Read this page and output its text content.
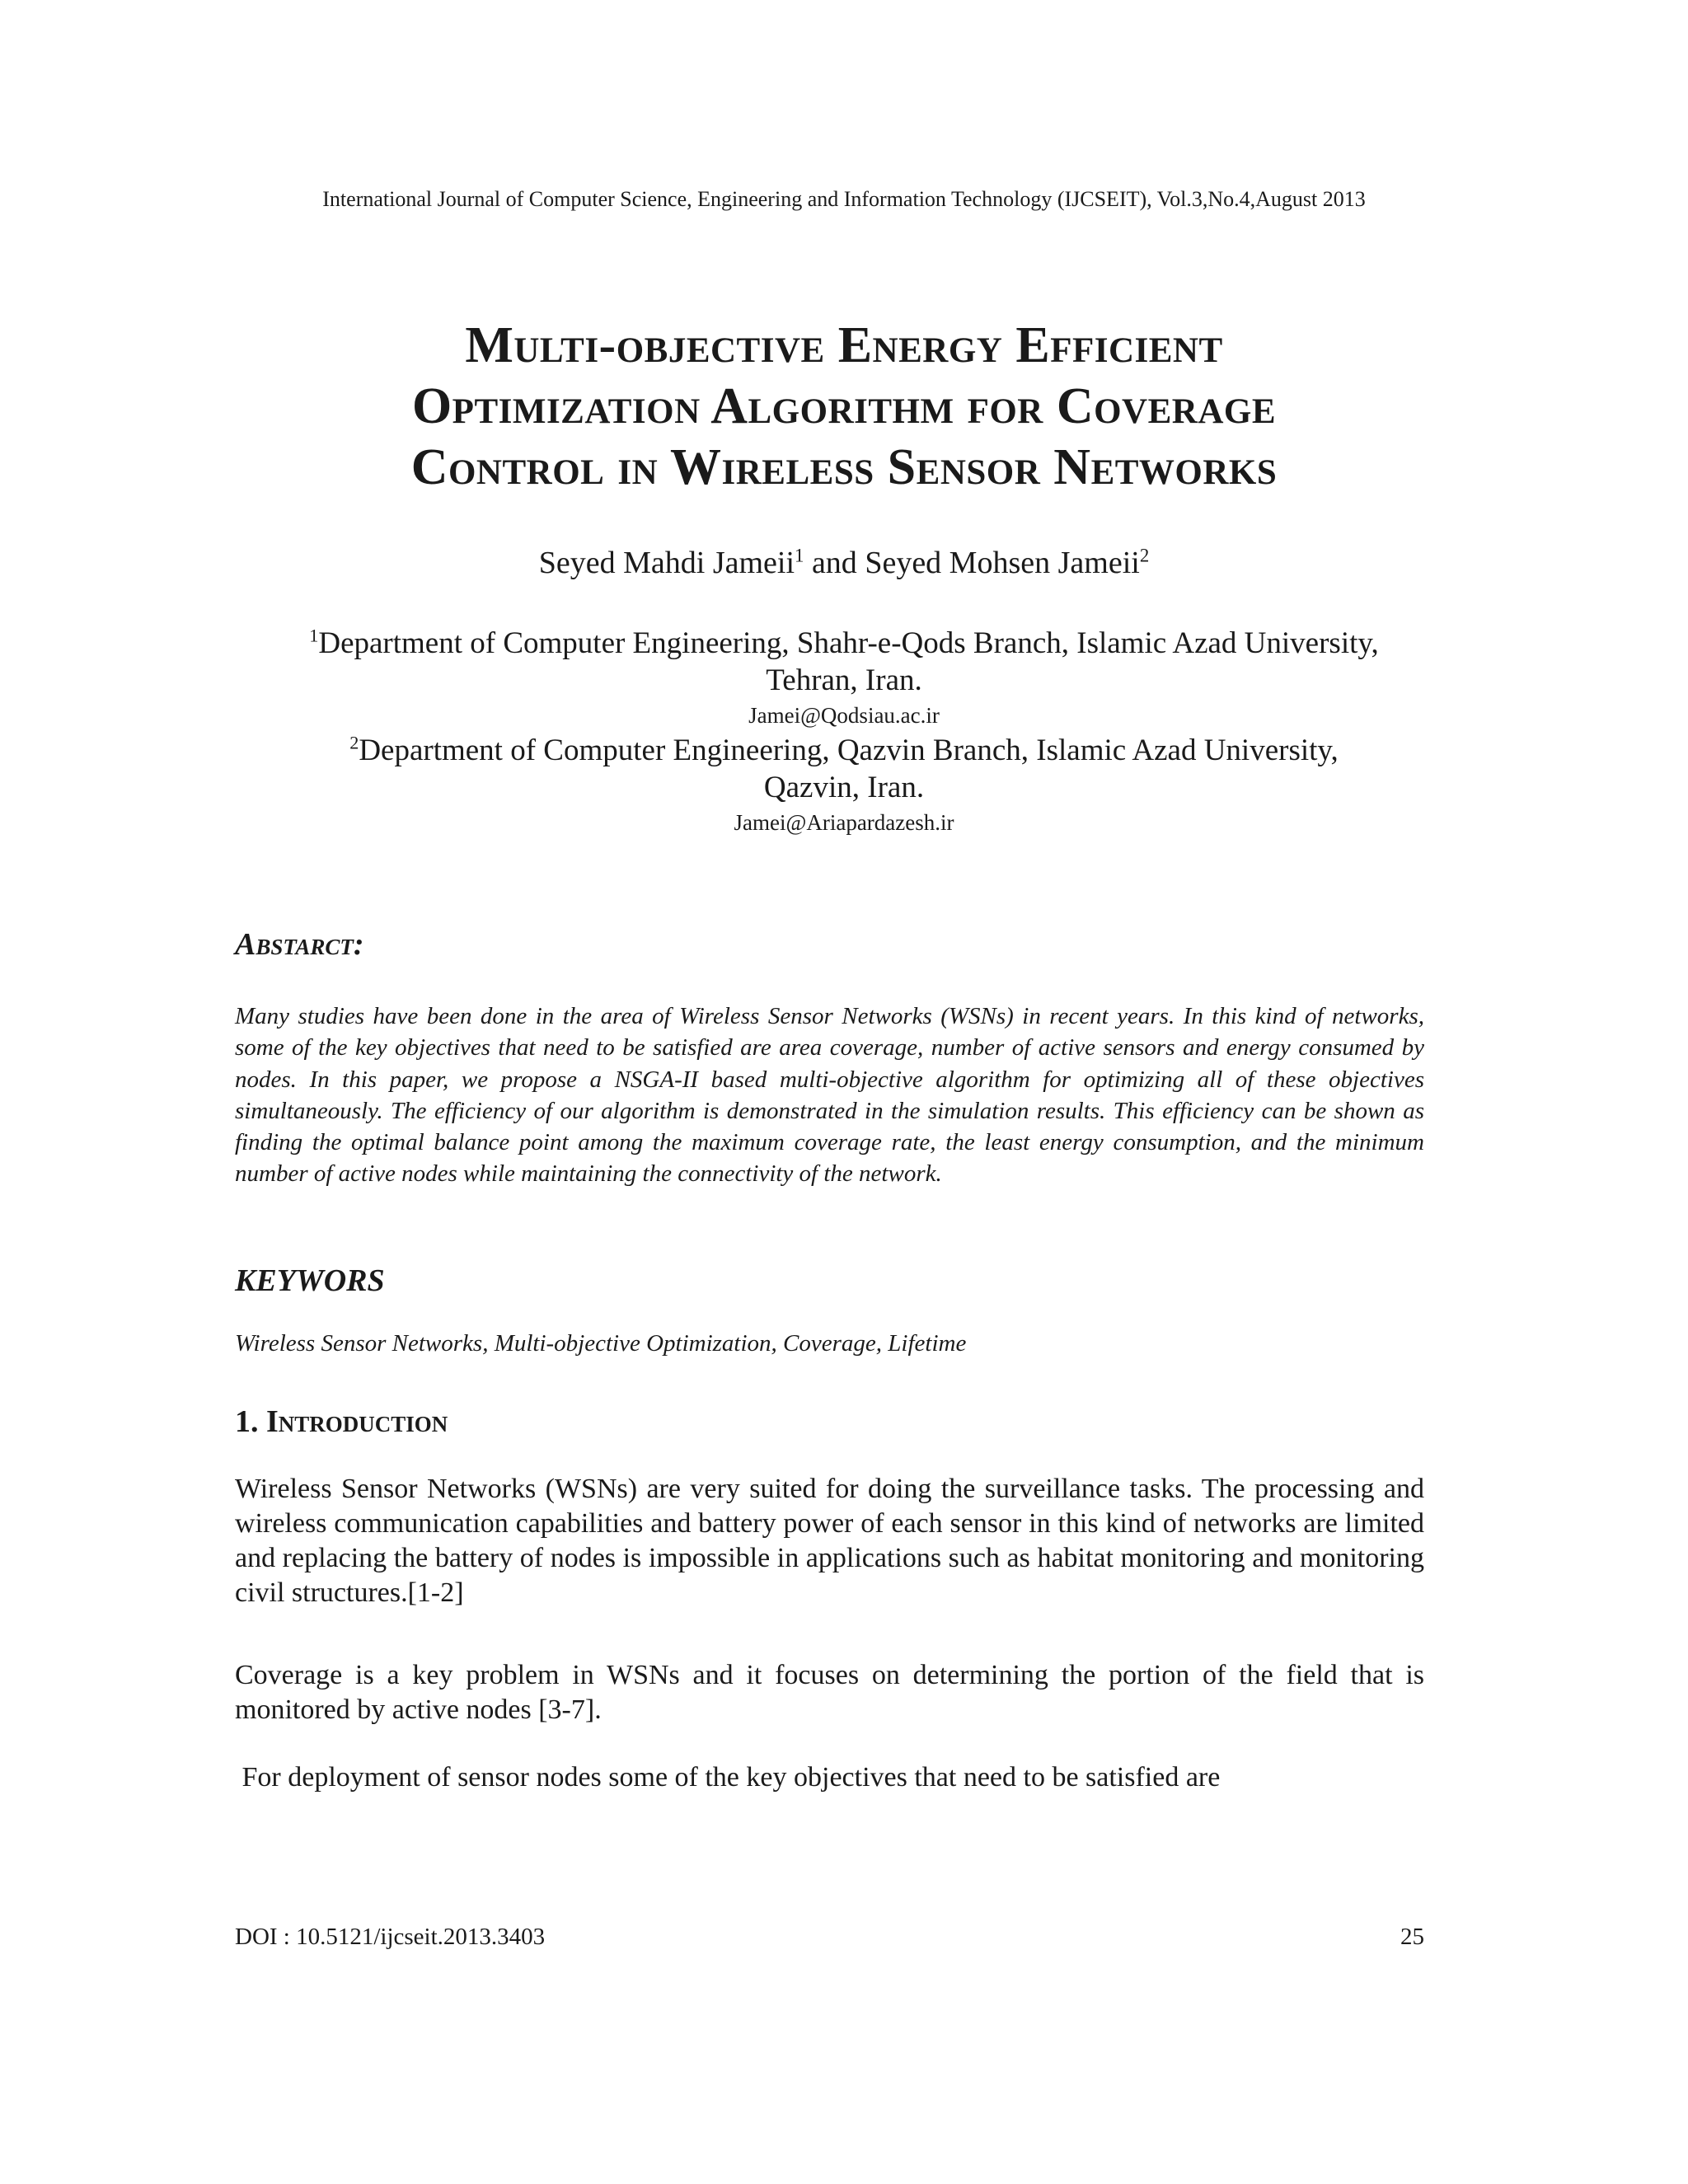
International Journal of Computer Science, Engineering and Information Technology (IJCSEIT), Vol.3,No.4,August 2013

Multi-objective Energy Efficient
Optimization Algorithm for Coverage
Control in Wireless Sensor Networks

Seyed Mahdi Jameii$^1$ and Seyed Mohsen Jameii$^2$

$^1$Department of Computer Engineering, Shahr-e-Qods Branch, Islamic Azad University,

Tehran, Iran.

Jamei@Qodsiau.ac.ir

$^2$Department of Computer Engineering, Qazvin Branch, Islamic Azad University,

Qazvin, Iran.

Jamei@Ariapardazesh.ir

Abstarct:

Many studies have been done in the area of Wireless Sensor Networks (WSNs) in recent years. In this kind of networks, some of the key objectives that need to be satisfied are area coverage, number of active sensors and energy consumed by nodes. In this paper, we propose a NSGA-II based multi-objective algorithm for optimizing all of these objectives simultaneously. The efficiency of our algorithm is demonstrated in the simulation results. This efficiency can be shown as finding the optimal balance point among the maximum coverage rate, the least energy consumption, and the minimum number of active nodes while maintaining the connectivity of the network.

KEYWORS

Wireless Sensor Networks, Multi-objective Optimization, Coverage, Lifetime

1. Introduction

Wireless Sensor Networks (WSNs) are very suited for doing the surveillance tasks. The processing and wireless communication capabilities and battery power of each sensor in this kind of networks are limited and replacing the battery of nodes is impossible in applications such as habitat monitoring and monitoring civil structures.[1-2]

Coverage is a key problem in WSNs and it focuses on determining the portion of the field that is monitored by active nodes [3-7].

For deployment of sensor nodes some of the key objectives that need to be satisfied are

DOI : 10.5121/ijcseit.2013.3403	25
